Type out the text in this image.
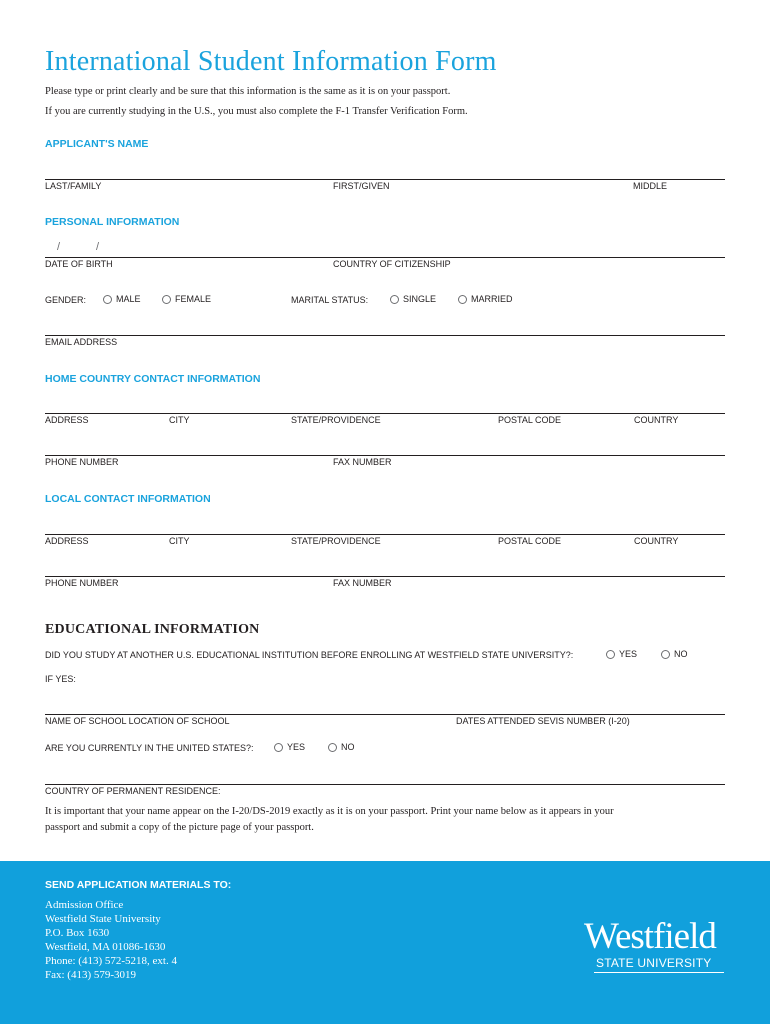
International Student Information Form
Please type or print clearly and be sure that this information is the same as it is on your passport.
If you are currently studying in the U.S., you must also complete the F-1 Transfer Verification Form.
APPLICANT'S NAME
LAST/FAMILY	FIRST/GIVEN	MIDDLE
PERSONAL INFORMATION
/	/
DATE OF BIRTH	COUNTRY OF CITIZENSHIP
GENDER:	MALE	FEMALE	MARITAL STATUS:	SINGLE	MARRIED
EMAIL ADDRESS
HOME COUNTRY CONTACT INFORMATION
ADDRESS	CITY	STATE/PROVIDENCE	POSTAL CODE	COUNTRY
PHONE NUMBER	FAX NUMBER
LOCAL CONTACT INFORMATION
ADDRESS	CITY	STATE/PROVIDENCE	POSTAL CODE	COUNTRY
PHONE NUMBER	FAX NUMBER
EDUCATIONAL INFORMATION
DID YOU STUDY AT ANOTHER U.S. EDUCATIONAL INSTITUTION BEFORE ENROLLING AT WESTFIELD STATE UNIVERSITY?:	YES	NO
IF YES:
NAME OF SCHOOL LOCATION OF SCHOOL	DATES ATTENDED SEVIS NUMBER (I-20)
ARE YOU CURRENTLY IN THE UNITED STATES?:	YES	NO
COUNTRY OF PERMANENT RESIDENCE:
It is important that your name appear on the I-20/DS-2019 exactly as it is on your passport. Print your name below as it appears in your
passport and submit a copy of the picture page of your passport.
SEND APPLICATION MATERIALS TO:
Admission Office
Westfield State University
P.O. Box 1630
Westfield, MA 01086-1630
Phone: (413) 572-5218, ext. 4
Fax: (413) 579-3019
Westfield
STATE UNIVERSITY
